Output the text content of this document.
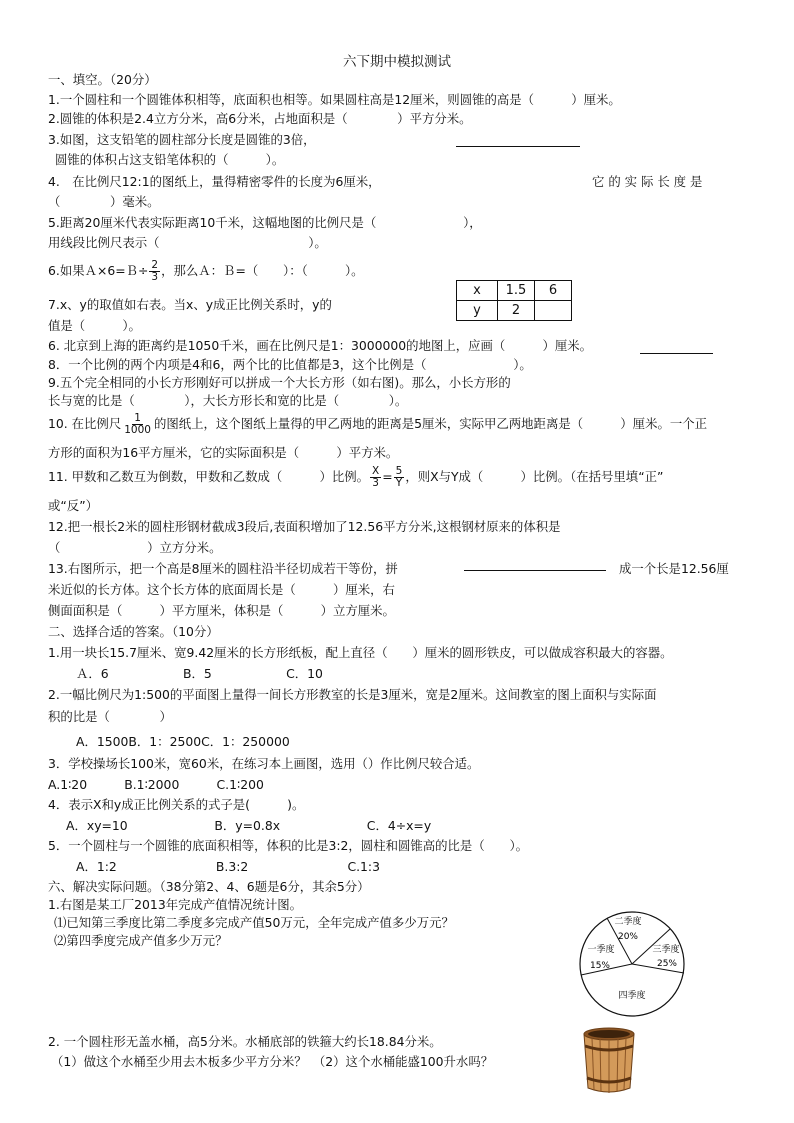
六下期中模拟测试
一、填空。（20分）
1.一个圆柱和一个圆锥体积相等，底面积也相等。如果圆柱高是12厘米，则圆锥的高是（　　　）厘米。
2.圆锥的体积是2.4立方分米，高6分米，占地面积是（　　　　）平方分米。
3.如图，这支铅笔的圆柱部分长度是圆锥的3倍，
圆锥的体积占这支铅笔体积的（　　　）。
4.　在比例尺12:1的图纸上，量得精密零件的长度为6厘米，	它 的 实 际 长 度 是
（　　　　）毫米。
5.距离20厘米代表实际距离10千米，这幅地图的比例尺是（　　　　　　　），
用线段比例尺表示（　　　　　　　　　　　　）。
6.如果Ａ×6=Ｂ÷ $\frac{2}{3}$ ，那么Ａ：Ｂ=（　　）：（　　　）。
x	1.5	6
y	2	
7.x、y的取值如右表。当x、y成正比例关系时，y的
值是（　　　）。
6. 北京到上海的距离约是1050千米，画在比例尺是1：3000000的地图上，应画（　　　）厘米。
8．一个比例的两个内项是4和6，两个比的比值都是3，这个比例是（　　　　　　　）。
9.五个完全相同的小长方形刚好可以拼成一个大长方形（如右图)。那么，小长方形的
长与宽的比是（　　　　），大长方形长和宽的比是（　　　　）。
10. 在比例尺 $\frac{1}{1000}$ 的图纸上，这个图纸上量得的甲乙两地的距离是5厘米，实际甲乙两地距离是（　　　）厘米。一个正
方形的面积为16平方厘米，它的实际面积是（　　　）平方米。
11. 甲数和乙数互为倒数，甲数和乙数成（　　　）比例。 $\frac{X}{3} = \frac{5}{Y}$ ，则X与Y成（　　　）比例。（在括号里填“正”
或“反”）
12.把一根长2米的圆柱形钢材截成3段后,表面积增加了12.56平方分米,这根钢材原来的体积是
（　　　　　　　）立方分米。
13.右图所示，把一个高是8厘米的圆柱沿半径切成若干等份，拼	成一个长是12.56厘
米近似的长方体。这个长方体的底面周长是（　　　）厘米，右
侧面面积是（　　　）平方厘米，体积是（　　　）立方厘米。
二、选择合适的答案。（10分）
1.用一块长15.7厘米、宽9.42厘米的长方形纸板，配上直径（　　）厘米的圆形铁皮，可以做成容积最大的容器。
Ａ．6　　　　　　B．5　　　　　　C．10
2.一幅比例尺为1:500的平面图上量得一间长方形教室的长是3厘米，宽是2厘米。这间教室的图上面积与实际面
积的比是（　　　　）
A．1500B．1：2500C．1：250000
3．学校操场长100米，宽60米，在练习本上画图，选用（）作比例尺较合适。
A.1∶20　　　B.1∶2000　　　C.1∶200
4．表示X和y成正比例关系的式子是(　　　)。
A．xy=10　　　　　　　B．y=0.8x　　　　　　　C．4÷x=y
5．一个圆柱与一个圆锥的底面积相等，体积的比是3:2，圆柱和圆锥高的比是（　　）。
A．1:2　　　　　　　　B.3:2　　　　　　　　C.1:3
六、解决实际问题。（38分第2、4、6题是6分，其余5分）
1.右图是某工厂2013年完成产值情况统计图。
⑴已知第三季度比第二季度多完成产值50万元，全年完成产值多少万元？
⑵第四季度完成产值多少万元？
二季度
20%
三季度
25%
一季度
15%
四季度
2. 一个圆柱形无盖水桶，高5分米。水桶底部的铁箍大约长18.84分米。
（1）做这个水桶至少用去木板多少平方分米？　（2）这个水桶能盛100升水吗？
